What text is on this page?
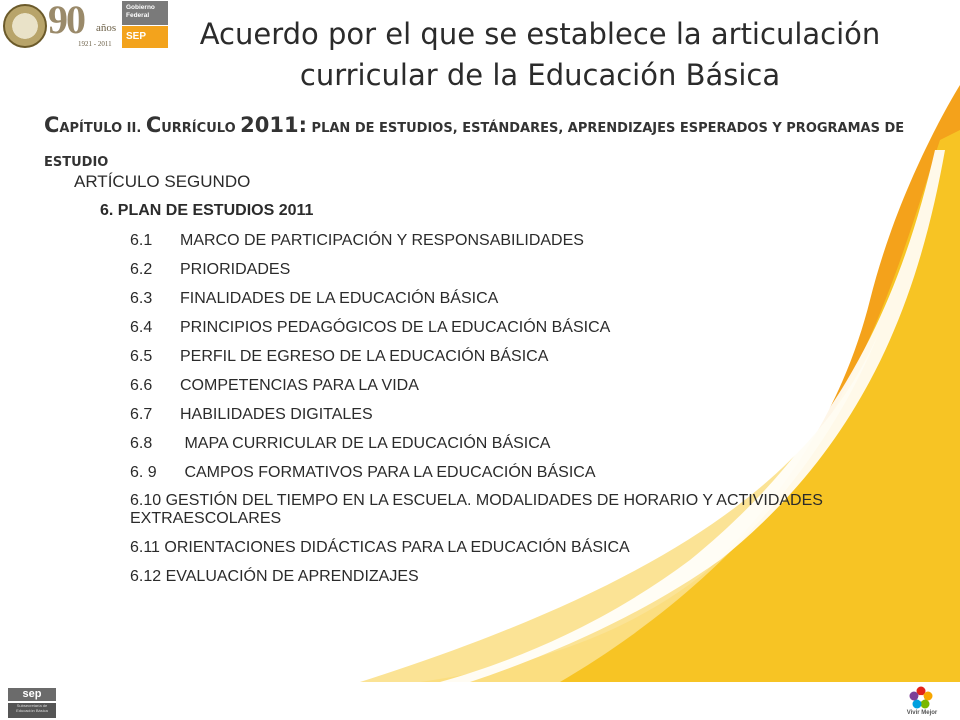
90 años
1921 - 2011
Gobierno Federal
SEP	Acuerdo por el que se establece la articulación curricular de la Educación Básica
CAPÍTULO II. CURRÍCULO 2011: PLAN DE ESTUDIOS, ESTÁNDARES, APRENDIZAJES ESPERADOS Y PROGRAMAS DE ESTUDIO
ARTÍCULO SEGUNDO
6. PLAN DE ESTUDIOS 2011
6.1 MARCO DE PARTICIPACIÓN Y RESPONSABILIDADES
6.2 PRIORIDADES
6.3 FINALIDADES DE LA EDUCACIÓN BÁSICA
6.4 PRINCIPIOS PEDAGÓGICOS DE LA EDUCACIÓN BÁSICA
6.5 PERFIL DE EGRESO DE LA EDUCACIÓN BÁSICA
6.6 COMPETENCIAS PARA LA VIDA
6.7 HABILIDADES DIGITALES
6.8 MAPA CURRICULAR DE LA EDUCACIÓN BÁSICA
6. 9 CAMPOS FORMATIVOS PARA LA EDUCACIÓN BÁSICA
6.10 GESTIÓN DEL TIEMPO EN LA ESCUELA. MODALIDADES DE HORARIO Y ACTIVIDADES EXTRAESCOLARES
6.11 ORIENTACIONES DIDÁCTICAS PARA LA EDUCACIÓN BÁSICA
6.12 EVALUACIÓN DE APRENDIZAJES
sep
Subsecretaría de Educación Básica	Vivir Mejor
